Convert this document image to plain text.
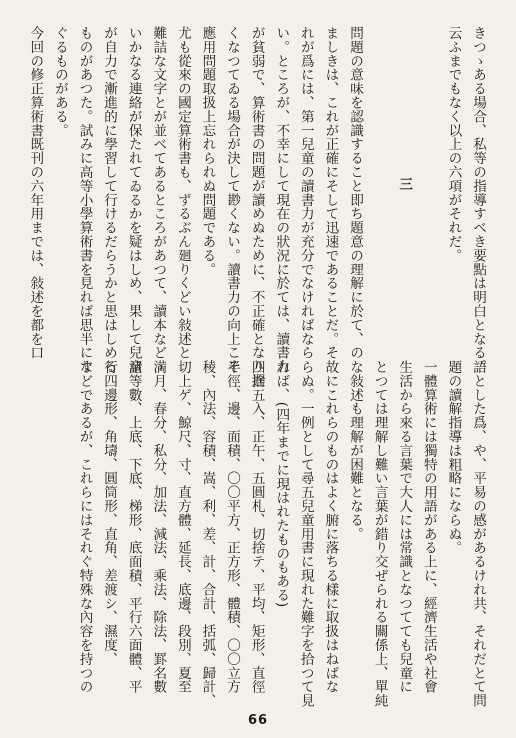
きつゝある場合、私等の指導すべき要點は明白となる。
云ふまでもなく以上の六項がそれだ。
三
問題の意味を認識すること即ち題意の理解に於て、の
ましきは、これが正確にそして迅速であることだ。そ
れが爲には、第一兒童の讀書力が充分でなければなら
い。ところが、不幸にして現在の狀況に於ては、讀書力
が貧弱で、算術書の問題が讀めぬために、不正確となり遅
くなつてゐる場合が決して尠くない。讀書力の向上こそ
應用問題取扱上忘れられぬ問題である。
尤も從來の國定算術書も、ずるぶん廻りくどい敍述と
難詰な文字とが並べてあるところがあつて、讀本などゝ
いかなる連絡が保たれてゐるかを疑はしめ、果して兒童
が自力で漸進的に學習して行けるだらうかと思はしめる
ものがあつた。試みに高等小學算術書を見れば思半にす
ぐるものがある。
今回の修正算術書既刊の六年用までは、敍述を都を口
語とした爲、や、平易の感があるけれ共、それだとて問
題の讀解指導は粗略にならぬ。
一體算術には獨特の用語がある上に、經濟生活や社會
生活から來る言葉で大人には常識となつてても兒童に
とつては理解し難い言葉が錯り交ぜられる關係上、單純
な敍述も理解が困難となる。
故にこれらのものはよく腑に落ちる樣に取扱はねばな
らぬ。一例として尋五兒童用書に現れた難字を拾つて見
れば、(四年までに現はれたものもある)
四捨五入、正午、五圓札、切捨テ、平均、矩形、直徑
半徑、邊、面積、〇〇平方、正方形、體積、〇〇立方
稜、內法、容積、嵩、利、差、計、合計、括弧、歸計、
切上ゲ、鯨尺、寸、直方體、延長、底邊、段別、夏至
満月、春分、私分、加法、減法、乘法、除法、罫名數
諸等數、上底、下底、梯形、底面積、平行六面體、平
行四邊形、角壔、圓筒形、直角、差渡シ、濕度、
などであるが、これらにはそれぐ特殊な內容を持つの
66
